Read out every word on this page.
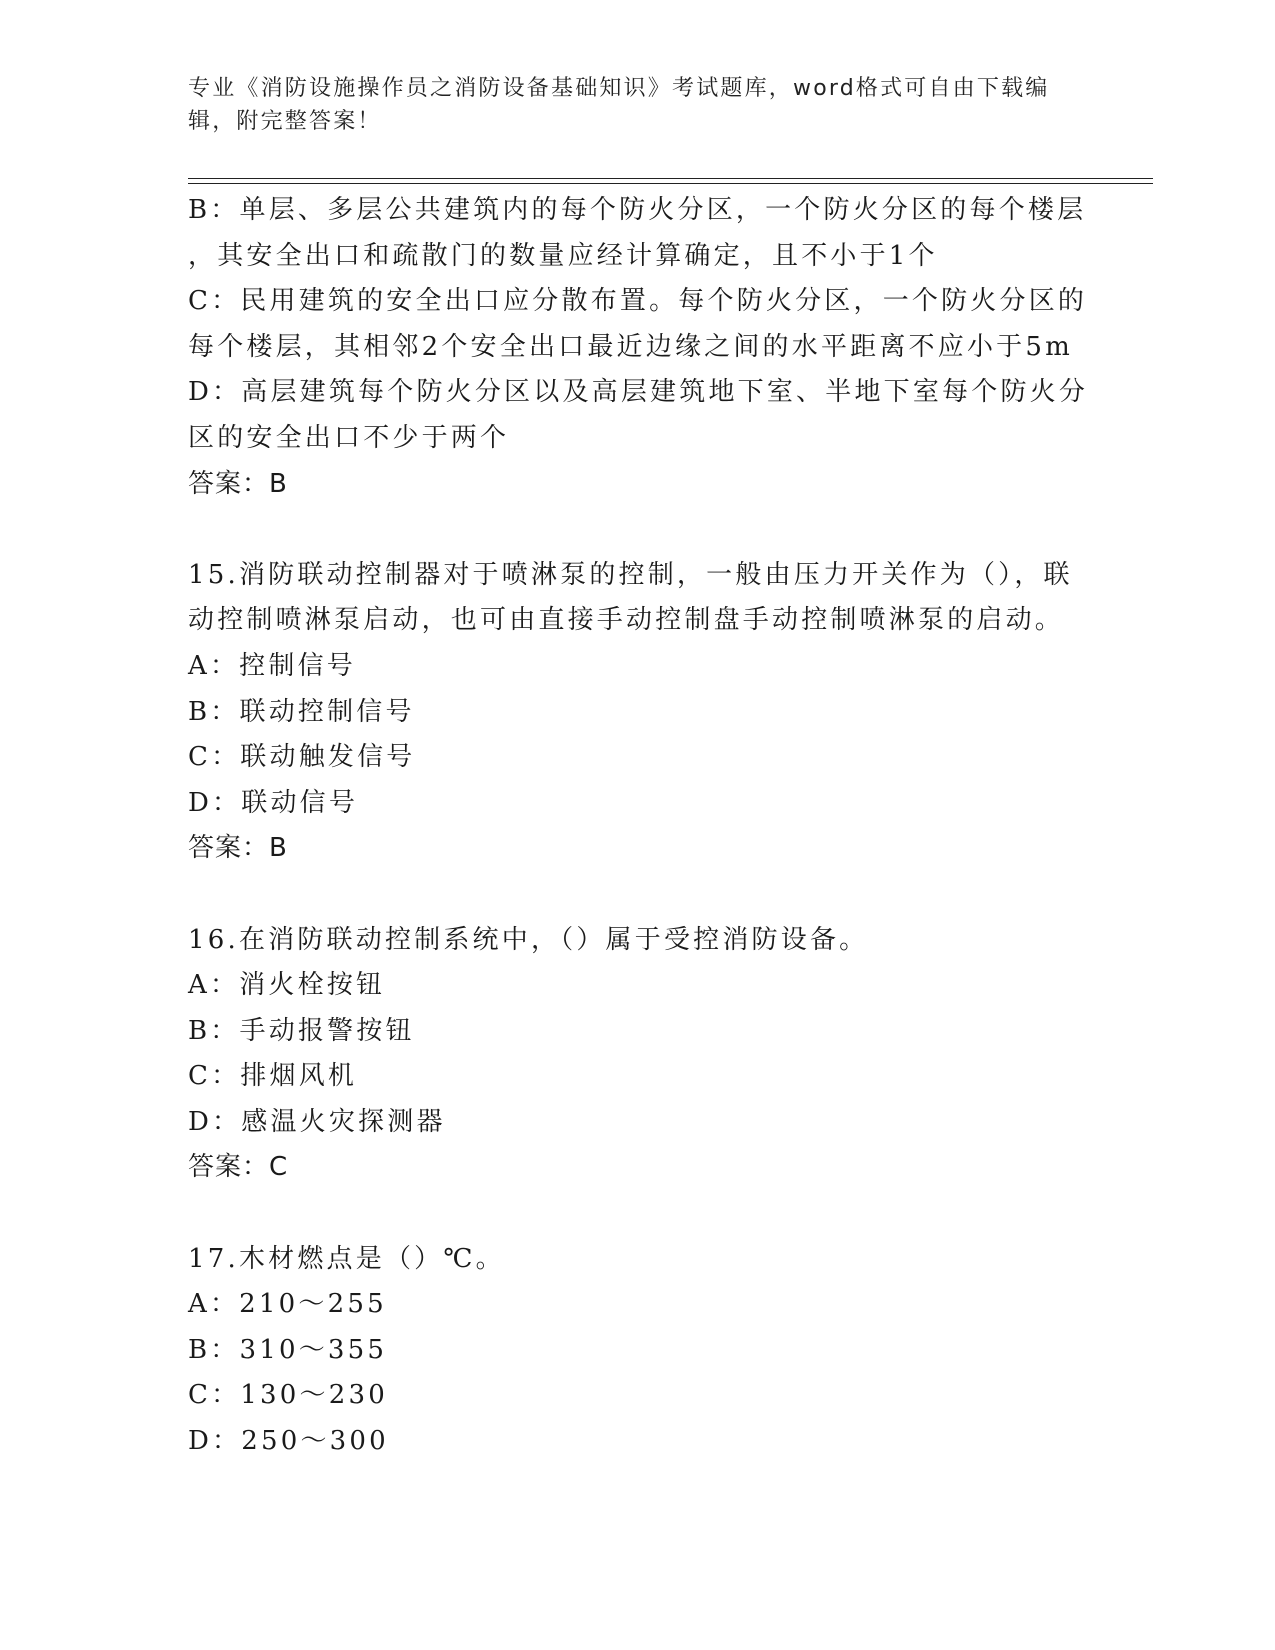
专业《消防设施操作员之消防设备基础知识》考试题库，word格式可自由下载编
辑，附完整答案！
B：单层、多层公共建筑内的每个防火分区，一个防火分区的每个楼层
，其安全出口和疏散门的数量应经计算确定，且不小于1个
C：民用建筑的安全出口应分散布置。每个防火分区，一个防火分区的
每个楼层，其相邻2个安全出口最近边缘之间的水平距离不应小于5m
D：高层建筑每个防火分区以及高层建筑地下室、半地下室每个防火分
区的安全出口不少于两个
答案：B
15.消防联动控制器对于喷淋泵的控制，一般由压力开关作为（），联
动控制喷淋泵启动，也可由直接手动控制盘手动控制喷淋泵的启动。
A：控制信号
B：联动控制信号
C：联动触发信号
D：联动信号
答案：B
16.在消防联动控制系统中，（）属于受控消防设备。
A：消火栓按钮
B：手动报警按钮
C：排烟风机
D：感温火灾探测器
答案：C
17.木材燃点是（）℃。
A：210～255
B：310～355
C：130～230
D：250～300
